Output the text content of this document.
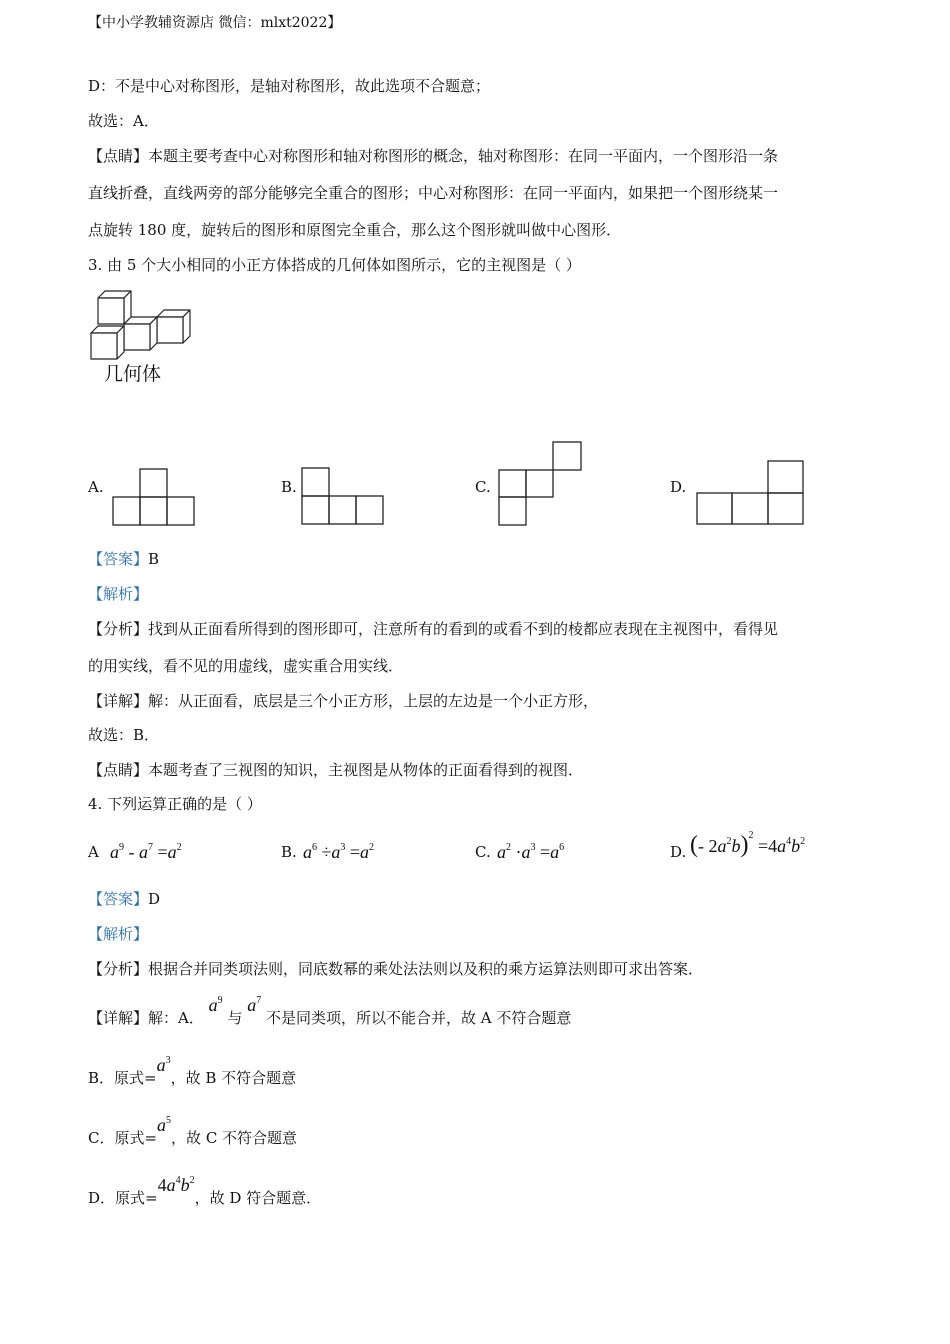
【中小学教辅资源店 微信：mlxt2022】
D：不是中心对称图形，是轴对称图形，故此选项不合题意；
故选：A．
【点睛】本题主要考查中心对称图形和轴对称图形的概念，轴对称图形：在同一平面内，一个图形沿一条
直线折叠，直线两旁的部分能够完全重合的图形；中心对称图形：在同一平面内，如果把一个图形绕某一
点旋转 180 度，旋转后的图形和原图完全重合，那么这个图形就叫做中心图形．
3. 由 5 个大小相同的小正方体搭成的几何体如图所示，它的主视图是（ ）
几何体
A.	B.	C.	D.
【答案】B
【解析】
【分析】找到从正面看所得到的图形即可，注意所有的看到的或看不到的棱都应表现在主视图中，看得见
的用实线，看不见的用虚线，虚实重合用实线．
【详解】解：从正面看，底层是三个小正方形，上层的左边是一个小正方形，
故选：B．
【点睛】本题考查了三视图的知识，主视图是从物体的正面看得到的视图．
4. 下列运算正确的是（ ）
A $a^9 - a^7 =a^2$	B. $a^6 \div a^3 =a^2$	C. $a^2 \cdot a^3 =a^6$	D. (- $2a^2b)^2 =4a^4b^2$
【答案】D
【解析】
【分析】根据合并同类项法则，同底数幂的乘处法法则以及积的乘方运算法则即可求出答案．
【详解】解：A． $a^9$ 与 $a^7$ 不是同类项，所以不能合并，故 A 不符合题意
B．原式$=a^3$，故 B 不符合题意
C．原式$=a^5$，故 C 不符合题意
D．原式$=4a^4b^2$，故 D 符合题意．
